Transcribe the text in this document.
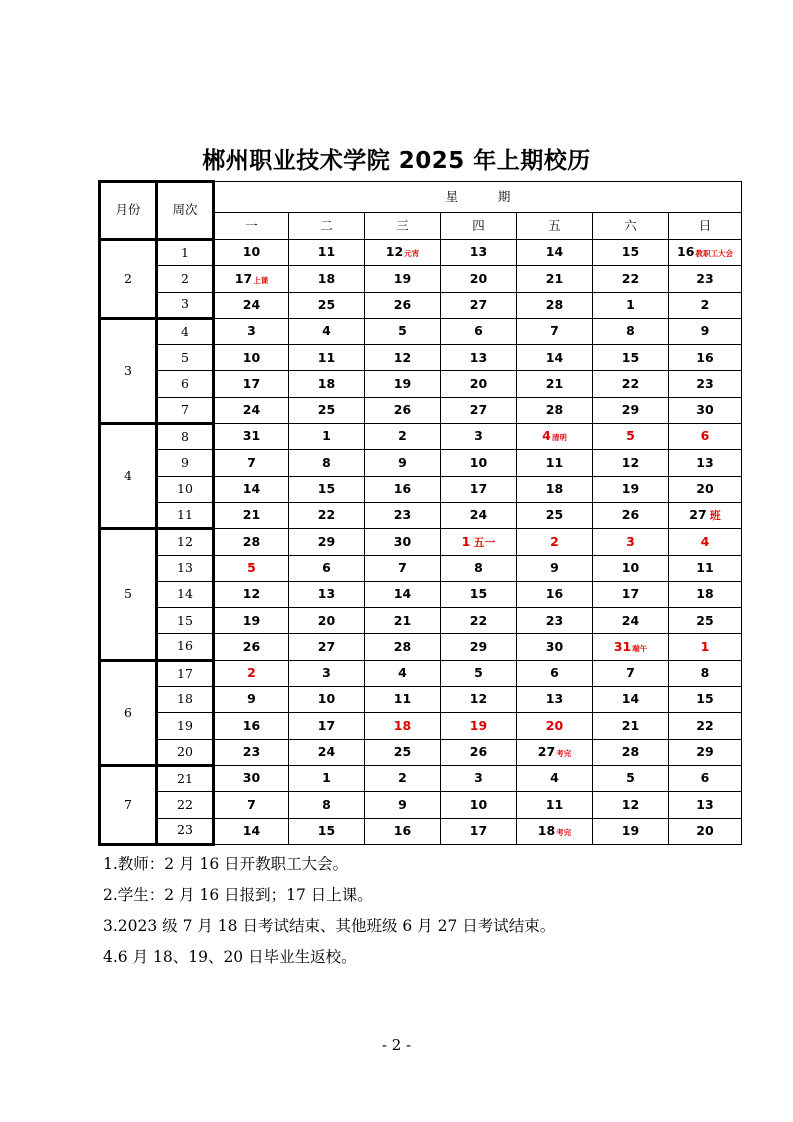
郴州职业技术学院 2025 年上期校历
月份	周次	星          期						
		一	二	三	四	五	六	日
2	1	10	11	12元宵	13	14	15	16教职工大会
	2	17上课	18	19	20	21	22	23
	3	24	25	26	27	28	1	2
3	4	3	4	5	6	7	8	9
	5	10	11	12	13	14	15	16
	6	17	18	19	20	21	22	23
	7	24	25	26	27	28	29	30
4	8	31	1	2	3	4清明	5	6
	9	7	8	9	10	11	12	13
	10	14	15	16	17	18	19	20
	11	21	22	23	24	25	26	27 班
5	12	28	29	30	1 五一	2	3	4
	13	5	6	7	8	9	10	11
	14	12	13	14	15	16	17	18
	15	19	20	21	22	23	24	25
	16	26	27	28	29	30	31端午	1
6	17	2	3	4	5	6	7	8
	18	9	10	11	12	13	14	15
	19	16	17	18	19	20	21	22
	20	23	24	25	26	27考完	28	29
7	21	30	1	2	3	4	5	6
	22	7	8	9	10	11	12	13
	23	14	15	16	17	18考完	19	20
1.教师：2 月 16 日开教职工大会。
2.学生：2 月 16 日报到；17 日上课。
3.2023 级 7 月 18 日考试结束、其他班级 6 月 27 日考试结束。
4.6 月 18、19、20 日毕业生返校。
- 2 -
